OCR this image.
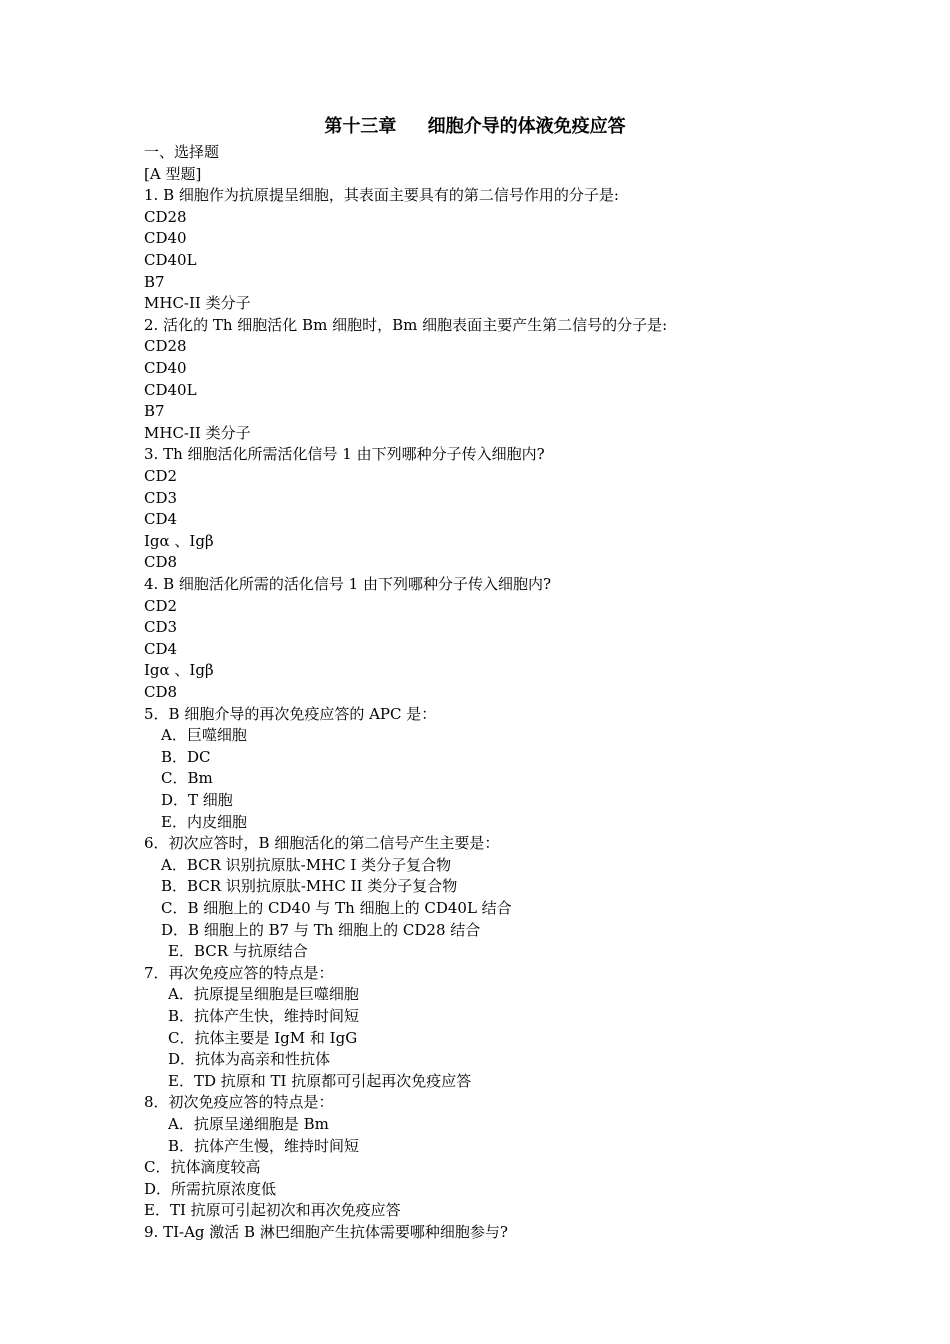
第十三章     细胞介导的体液免疫应答
一、选择题
[A 型题]
1. B 细胞作为抗原提呈细胞，其表面主要具有的第二信号作用的分子是:
CD28
CD40
CD40L
B7
MHC-II 类分子
2. 活化的 Th 细胞活化 Bm 细胞时，Bm 细胞表面主要产生第二信号的分子是:
CD28
CD40
CD40L
B7
MHC-II 类分子
3. Th 细胞活化所需活化信号 1 由下列哪种分子传入细胞内?
CD2
CD3
CD4
Igα 、Igβ
CD8
4. B 细胞活化所需的活化信号 1 由下列哪种分子传入细胞内?
CD2
CD3
CD4
Igα 、Igβ
CD8
5．B 细胞介导的再次免疫应答的 APC 是：
A．巨噬细胞
B．DC
C．Bm
D．T 细胞
E．内皮细胞
6．初次应答时，B 细胞活化的第二信号产生主要是：
A．BCR 识别抗原肽-MHC I 类分子复合物
B．BCR 识别抗原肽-MHC II 类分子复合物
C．B 细胞上的 CD40 与 Th 细胞上的 CD40L 结合
D．B 细胞上的 B7 与 Th 细胞上的 CD28 结合
E．BCR 与抗原结合
7．再次免疫应答的特点是：
A．抗原提呈细胞是巨噬细胞
B．抗体产生快，维持时间短
C．抗体主要是 IgM 和 IgG
D．抗体为高亲和性抗体
E．TD 抗原和 TI 抗原都可引起再次免疫应答
8．初次免疫应答的特点是：
A．抗原呈递细胞是 Bm
B．抗体产生慢，维持时间短
C．抗体滴度较高
D．所需抗原浓度低
E．TI 抗原可引起初次和再次免疫应答
9. TI-Ag 激活 B 淋巴细胞产生抗体需要哪种细胞参与?
